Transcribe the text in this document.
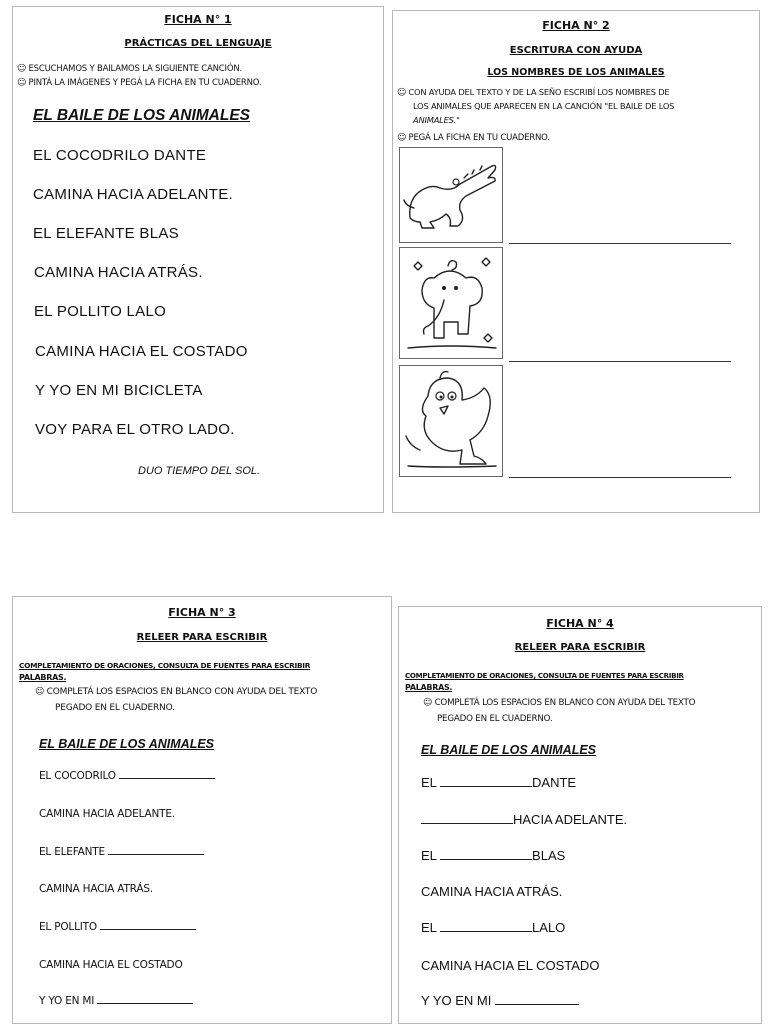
FICHA N° 1
PRÁCTICAS DEL LENGUAJE
☺ ESCUCHAMOS Y BAILAMOS LA SIGUIENTE CANCIÓN.
☺ PINTÁ LA IMÁGENES Y PEGÁ LA FICHA EN TU CUADERNO.
EL BAILE DE LOS ANIMALES
EL COCODRILO DANTE
CAMINA HACIA ADELANTE.
EL ELEFANTE BLAS
CAMINA HACIA ATRÁS.
EL POLLITO LALO
CAMINA HACIA EL COSTADO
Y YO EN MI BICICLETA
VOY PARA EL OTRO LADO.
DUO TIEMPO DEL SOL.
FICHA N° 2
ESCRITURA CON AYUDA
LOS NOMBRES DE LOS ANIMALES
☺ CON AYUDA DEL TEXTO Y DE LA SEÑO ESCRIBÍ LOS NOMBRES DE
LOS ANIMALES QUE APARECEN EN LA CANCIÓN "EL BAILE DE LOS
ANIMALES."
☺ PEGÁ LA FICHA EN TU CUADERNO.
FICHA N° 3
RELEER PARA ESCRIBIR
COMPLETAMIENTO DE ORACIONES, CONSULTA DE FUENTES PARA ESCRIBIR
PALABRAS.
☺ COMPLETÁ LOS ESPACIOS EN BLANCO CON AYUDA DEL TEXTO
PEGADO EN EL CUADERNO.
EL BAILE DE LOS ANIMALES
EL COCODRILO
CAMINA HACIA ADELANTE.
EL ELEFANTE
CAMINA HACIA ATRÁS.
EL POLLITO
CAMINA HACIA EL COSTADO
Y YO EN MI
FICHA N° 4
RELEER PARA ESCRIBIR
COMPLETAMIENTO DE ORACIONES, CONSULTA DE FUENTES PARA ESCRIBIR
PALABRAS.
☺ COMPLETÁ LOS ESPACIOS EN BLANCO CON AYUDA DEL TEXTO
PEGADO EN EL CUADERNO.
EL BAILE DE LOS ANIMALES
EL	DANTE
HACIA ADELANTE.
EL	BLAS
CAMINA HACIA ATRÁS.
EL	LALO
CAMINA HACIA EL COSTADO
Y YO EN MI
